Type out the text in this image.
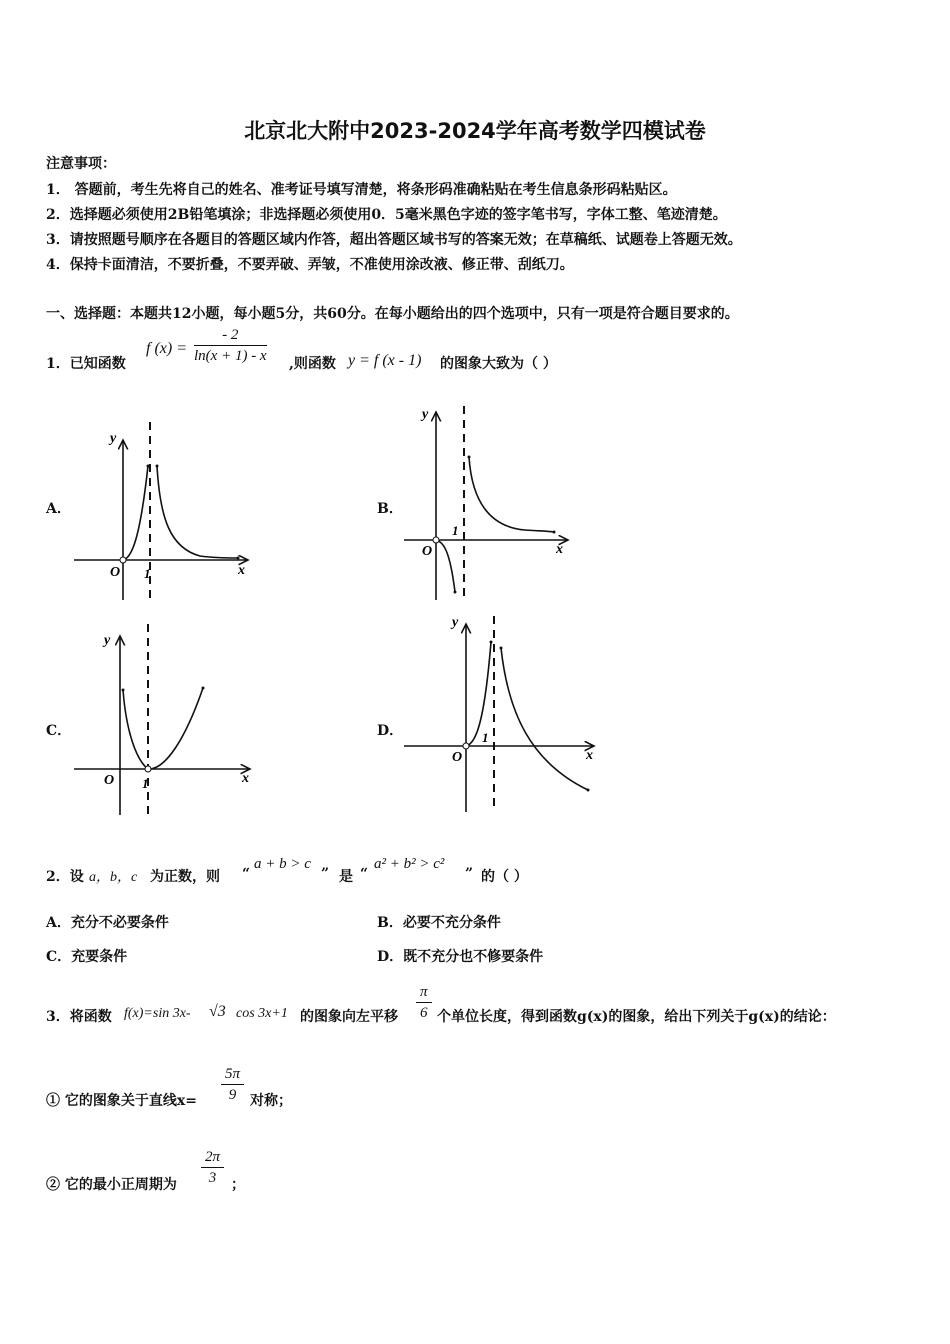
北京北大附中2023-2024学年高考数学四模试卷
注意事项：
1． 答题前，考生先将自己的姓名、准考证号填写清楚，将条形码准确粘贴在考生信息条形码粘贴区。
2．选择题必须使用2B铅笔填涂；非选择题必须使用0．5毫米黑色字迹的签字笔书写，字体工整、笔迹清楚。
3．请按照题号顺序在各题目的答题区域内作答，超出答题区域书写的答案无效；在草稿纸、试题卷上答题无效。
4．保持卡面清洁，不要折叠，不要弄破、弄皱，不准使用涂改液、修正带、刮纸刀。
一、选择题：本题共12小题，每小题5分，共60分。在每小题给出的四个选项中，只有一项是符合题目要求的。
1．已知函数
f $(x) = \frac{- 2}{\ln(x + 1) - x}$ ,则函数 y = f (x - 1) 的图象大致为（ ）
A．	B．
C．	D．
y
x
O 1
y
x
O
1
y
x
O 1
y
x
O
1
2．设 a，b，c 为正数，则 “
a + b > c
” 是 “
a² + b² > c²
” 的（ ）
A．充分不必要条件	B．必要不充分条件
C．充要条件	D．既不充分也不修要条件
3．将函数 f(x)=sin 3x- √3 cos 3x+1 的图象向左平移 $\frac{\pi}{6}$ 个单位长度，得到函数g(x)的图象，给出下列关于g(x)的结论：
① 它的图象关于直线$x= \frac{5\pi}{9}$ 对称；
② 它的最小正周期为 $\frac{2\pi}{3}$ ；
